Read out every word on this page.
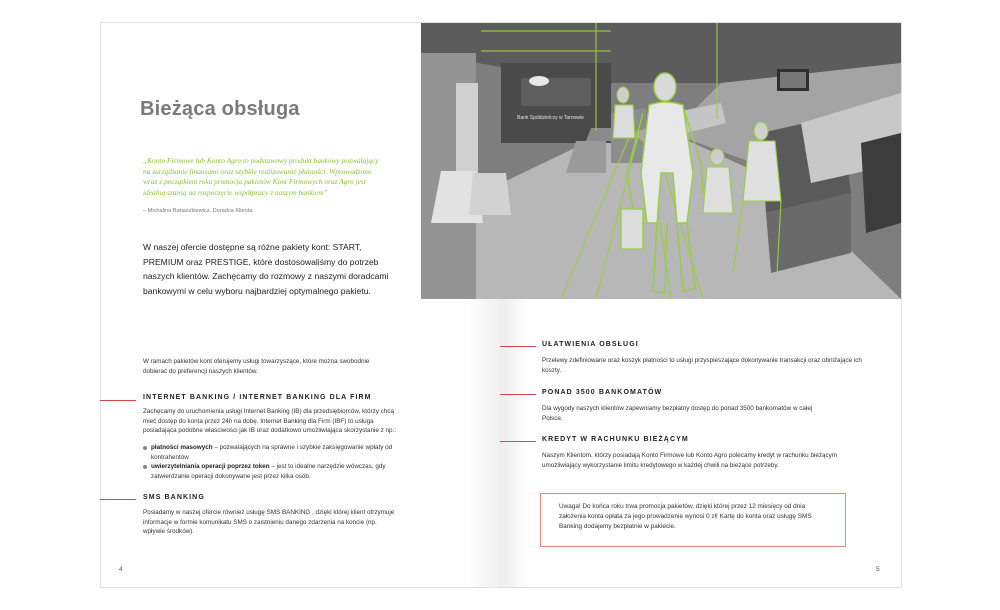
Bieżąca obsługa
„Konto Firmowe lub Konto Agro to podstawowy produkt bankowy pozwalający na zarządzanie finansami oraz szybkie realizowanie płatności. Wprowadzono wraz z początkiem roku promocja pakietów Kont Firmowych oraz Agro jest idealną szansą na rozpoczęcie współpracy z naszym bankiem”
– Michalina Banaszkiewicz, Doradca Klienta
W naszej ofercie dostępne są różne pakiety kont: START, PREMIUM oraz PRESTIGE, które dostosowaliśmy do potrzeb naszych klientów. Zachęcamy do rozmowy z naszymi doradcami bankowymi w celu wyboru najbardziej optymalnego pakietu.
W ramach pakietów kont oferujemy usługi towarzyszące, które można swobodnie dobierać do preferencji naszych klientów.
INTERNET BANKING / INTERNET BANKING DLA FIRM
Zachęcamy do uruchomienia usługi Internet Banking (IB) dla przedsiębiorców, którzy chcą mieć dostęp do konta przez 24h na dobę. Internet Banking dla Firm (IBF) to usługa posiadająca podobne właściwości jak IB oraz dodatkowo umożliwiająca skorzystanie z np.:
płatności masowych – pozwalających na sprawne i szybkie zaksięgowanie wpłaty od kontrahentów
uwierzytelniania operacji poprzez token – jest to idealne narzędzie wówczas, gdy zatwierdzanie operacji dokonywane jest przez kilka osób.
SMS BANKING
Posiadamy w naszej ofercie również usługę SMS BANKING , dzięki której klient otrzymuje informacje w formie komunikatu SMS o zaistnieniu danego zdarzenia na koncie (np. wpływie środków).
4
Bank Spółdzielczy w Tarnowie
UŁATWIENIA OBSŁUGI
Przelewy zdefiniowane oraz koszyk płatności to usługi przyspieszające dokonywanie transakcji oraz obniżające ich koszty.
PONAD 3500 BANKOMATÓW
Dla wygody naszych klientów zapewniamy bezpłatny dostęp do ponad 3500 bankomatów w całej Polsce.
KREDYT W RACHUNKU BIEŻĄCYM
Naszym Klientom, którzy posiadają Konto Firmowe lub Konto Agro polecamy kredyt w rachunku bieżącym umożliwiający wykorzystanie limitu kredytowego w każdej chwili na bieżące potrzeby.
Uwaga! Do końca roku trwa promocja pakietów, dzięki której przez 12 miesięcy od dnia założenia konta opłata za jego prowadzenie wynosi 0 zł! Kartę do konta oraz usługę SMS Banking dodajemy bezpłatnie w pakiecie.
5
